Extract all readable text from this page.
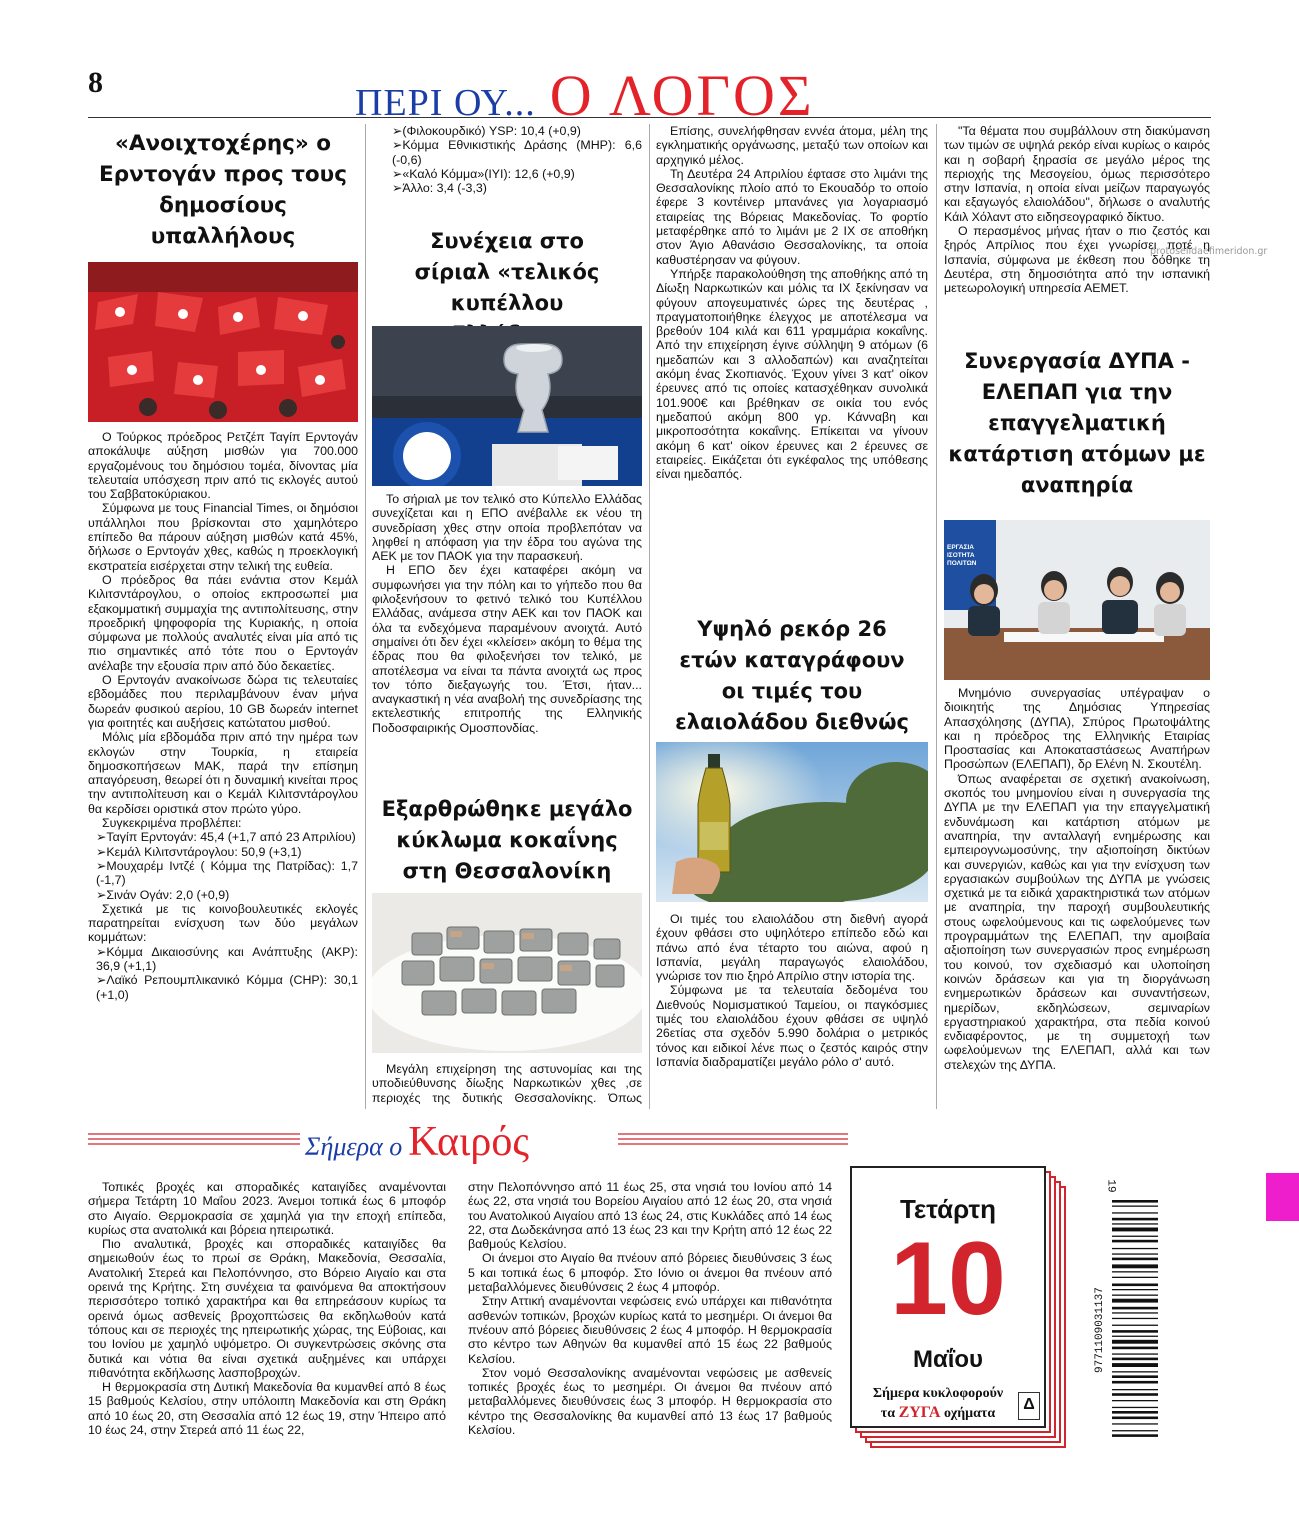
8	ΠΕΡΙ ΟΥ... Ο ΛΟΓΟΣ
protoselidaefimeridon.gr
«Ανοιχτοχέρης» ο Ερντογάν προς τους δημοσίους υπαλλήλους

Ο Τούρκος πρόεδρος Ρετζέπ Ταγίπ Ερντογάν αποκάλυψε αύξηση μισθών για 700.000 εργαζομένους του δημόσιου τομέα, δίνοντας μία τελευταία υπόσχεση πριν από τις εκλογές αυτού του Σαββατοκύριακου.

Σύμφωνα με τους Financial Times, οι δημόσιοι υπάλληλοι που βρίσκονται στο χαμηλότερο επίπεδο θα πάρουν αύξηση μισθών κατά 45%, δήλωσε ο Ερντογάν χθες, καθώς η προεκλογική εκστρατεία εισέρχεται στην τελική της ευθεία.

Ο πρόεδρος θα πάει ενάντια στον Κεμάλ Κιλιτσντάρογλου, ο οποίος εκπροσωπεί μια εξακομματική συμμαχία της αντιπολίτευσης, στην προεδρική ψηφοφορία της Κυριακής, η οποία σύμφωνα με πολλούς αναλυτές είναι μία από τις πιο σημαντικές από τότε που ο Ερντογάν ανέλαβε την εξουσία πριν από δύο δεκαετίες.

Ο Ερντογάν ανακοίνωσε δώρα τις τελευταίες εβδομάδες που περιλαμβάνουν έναν μήνα δωρεάν φυσικού αερίου, 10 GB δωρεάν internet για φοιτητές και αυξήσεις κατώτατου μισθού.

Μόλις μία εβδομάδα πριν από την ημέρα των εκλογών στην Τουρκία, η εταιρεία δημοσκοπήσεων ΜΑΚ, παρά την επίσημη απαγόρευση, θεωρεί ότι η δυναμική κινείται προς την αντιπολίτευση και ο Κεμάλ Κιλιτσντάρογλου θα κερδίσει οριστικά στον πρώτο γύρο.

Συγκεκριμένα προβλέπει:

➢Ταγίπ Ερντογάν: 45,4 (+1,7 από 23 Απριλίου)

➢Κεμάλ Κιλιτσντάρογλου: 50,9 (+3,1)

➢Μουχαρέμ Ιντζέ ( Κόμμα της Πατρίδας): 1,7 (-1,7)

➢Σινάν Ογάν: 2,0 (+0,9)

Σχετικά με τις κοινοβουλευτικές εκλογές παρατηρείται ενίσχυση των δύο μεγάλων κομμάτων:

➢Κόμμα Δικαιοσύνης και Ανάπτυξης (AKP): 36,9 (+1,1)

➢Λαϊκό Ρεπουμπλικανικό Κόμμα (CHP): 30,1 (+1,0)

➢(Φιλοκουρδικό) YSP: 10,4 (+0,9)

➢Κόμμα Εθνικιστικής Δράσης (MHP): 6,6 (-0,6)

➢«Καλό Κόμμα»(IYI): 12,6 (+0,9)

➢Άλλο: 3,4 (-3,3)

Συνέχεια στο σίριαλ «τελικός κυπέλλου

Το σήριαλ με τον τελικό στο Κύπελλο Ελλάδας συνεχίζεται και η ΕΠΟ ανέβαλλε εκ νέου τη συνεδρίαση χθες στην οποία προβλεπόταν να ληφθεί η απόφαση για την έδρα του αγώνα της ΑΕΚ με τον ΠΑΟΚ για την παρασκευή.

Η ΕΠΟ δεν έχει καταφέρει ακόμη να συμφωνήσει για την πόλη και το γήπεδο που θα φιλοξενήσουν το φετινό τελικό του Κυπέλλου Ελλάδας, ανάμεσα στην ΑΕΚ και τον ΠΑΟΚ και όλα τα ενδεχόμενα παραμένουν ανοιχτά. Αυτό σημαίνει ότι δεν έχει «κλείσει» ακόμη το θέμα της έδρας που θα φιλοξενήσει τον τελικό, με αποτέλεσμα να είναι τα πάντα ανοιχτά ως προς τον τόπο διεξαγωγής του. Έτσι, ήταν... αναγκαστική η νέα αναβολή της συνεδρίασης της εκτελεστικής επιτροπής της Ελληνικής Ποδοσφαιρικής Ομοσπονδίας.

Εξαρθρώθηκε μεγάλο κύκλωμα κοκαΐνης στη Θεσσαλονίκη

Μεγάλη επιχείρηση της αστυνομίας και της υποδιεύθυνσης δίωξης Ναρκωτικών χθες ,σε περιοχές της δυτικής Θεσσαλονίκης. Όπως

Επίσης, συνελήφθησαν εννέα άτομα, μέλη της εγκληματικής οργάνωσης, μεταξύ των οποίων και αρχηγικό μέλος.

Τη Δευτέρα 24 Απριλίου έφτασε στο λιμάνι της Θεσσαλονίκης πλοίο από το Εκουαδόρ το οποίο έφερε 3 κοντέινερ μπανάνες για λογαριασμό εταιρείας της Βόρειας Μακεδονίας. Το φορτίο μεταφέρθηκε από το λιμάνι με 2 ΙΧ σε αποθήκη στον Άγιο Αθανάσιο Θεσσαλονίκης, τα οποία καθυστέρησαν να φύγουν.

Υπήρξε παρακολούθηση της αποθήκης από τη Δίωξη Ναρκωτικών και μόλις τα ΙΧ ξεκίνησαν να φύγουν απογευματινές ώρες της δευτέρας , πραγματοποιήθηκε έλεγχος με αποτέλεσμα να βρεθούν 104 κιλά και 611 γραμμάρια κοκαΐνης. Από την επιχείρηση έγινε σύλληψη 9 ατόμων (6 ημεδαπών και 3 αλλοδαπών) και αναζητείται ακόμη ένας Σκοπιανός. Έχουν γίνει 3 κατ' οίκον έρευνες από τις οποίες κατασχέθηκαν συνολικά 101.900€ και βρέθηκαν σε οικία του ενός ημεδαπού ακόμη 800 γρ. Κάνναβη και μικροποσότητα κοκαΐνης. Επίκειται να γίνουν ακόμη 6 κατ' οίκον έρευνες και 2 έρευνες σε εταιρείες. Εικάζεται ότι εγκέφαλος της υπόθεσης είναι ημεδαπός.

Υψηλό ρεκόρ 26 ετών καταγράφουν οι τιμές του ελαιολάδου διεθνώς

Οι τιμές του ελαιολάδου στη διεθνή αγορά έχουν φθάσει στο υψηλότερο επίπεδο εδώ και πάνω από ένα τέταρτο του αιώνα, αφού η Ισπανία, μεγάλη παραγωγός ελαιολάδου, γνώρισε τον πιο ξηρό Απρίλιο στην ιστορία της.

Σύμφωνα με τα τελευταία δεδομένα του Διεθνούς Νομισματικού Ταμείου, οι παγκόσμιες τιμές του ελαιολάδου έχουν φθάσει σε υψηλό 26ετίας στα σχεδόν 5.990 δολάρια ο μετρικός τόνος και ειδικοί λένε πως ο ζεστός καιρός στην Ισπανία διαδραματίζει μεγάλο ρόλο σ' αυτό.

"Τα θέματα που συμβάλλουν στη διακύμανση των τιμών σε υψηλά ρεκόρ είναι κυρίως ο καιρός και η σοβαρή ξηρασία σε μεγάλο μέρος της περιοχής της Μεσογείου, όμως περισσότερο στην Ισπανία, η οποία είναι μείζων παραγωγός και εξαγωγός ελαιολάδου", δήλωσε ο αναλυτής Κάιλ Χόλαντ στο ειδησεογραφικό δίκτυο.

Ο περασμένος μήνας ήταν ο πιο ζεστός και ξηρός Απρίλιος που έχει γνωρίσει ποτέ η Ισπανία, σύμφωνα με έκθεση που δόθηκε τη Δευτέρα, στη δημοσιότητα από την ισπανική μετεωρολογική υπηρεσία ΑΕΜΕΤ.

Συνεργασία ΔΥΠΑ - ΕΛΕΠΑΠ για την επαγγελματική κατάρτιση ατόμων με αναπηρία
ΕΡΓΑΣΙΑ ΙΣΟΤΗΤΑ ΠΟΛΙΤΩΝ

Μνημόνιο συνεργασίας υπέγραψαν ο διοικητής της Δημόσιας Υπηρεσίας Απασχόλησης (ΔΥΠΑ), Σπύρος Πρωτοψάλτης και η πρόεδρος της Ελληνικής Εταιρίας Προστασίας και Αποκαταστάσεως Αναπήρων Προσώπων (ΕΛΕΠΑΠ), δρ Ελένη Ν. Σκουτέλη.

Όπως αναφέρεται σε σχετική ανακοίνωση, σκοπός του μνημονίου είναι η συνεργασία της ΔΥΠΑ με την ΕΛΕΠΑΠ για την επαγγελματική ενδυνάμωση και κατάρτιση ατόμων με αναπηρία, την ανταλλαγή ενημέρωσης και εμπειρογνωμοσύνης, την αξιοποίηση δικτύων και συνεργιών, καθώς και για την ενίσχυση των εργασιακών συμβούλων της ΔΥΠΑ με γνώσεις σχετικά με τα ειδικά χαρακτηριστικά των ατόμων με αναπηρία, την παροχή συμβουλευτικής στους ωφελούμενους και τις ωφελούμενες των προγραμμάτων της ΕΛΕΠΑΠ, την αμοιβαία αξιοποίηση των συνεργασιών προς ενημέρωση του κοινού, τον σχεδιασμό και υλοποίηση κοινών δράσεων και για τη διοργάνωση ενημερωτικών δράσεων και συναντήσεων, ημερίδων, εκδηλώσεων, σεμιναρίων εργαστηριακού χαρακτήρα, στα πεδία κοινού ενδιαφέροντος, με τη συμμετοχή των ωφελούμενων της ΕΛΕΠΑΠ, αλλά και των στελεχών της ΔΥΠΑ.

Σήμερα ο Καιρός

Τοπικές βροχές και σποραδικές καταιγίδες αναμένονται σήμερα Τετάρτη 10 Μαΐου 2023. Άνεμοι τοπικά έως 6 μποφόρ στο Αιγαίο. Θερμοκρασία σε χαμηλά για την εποχή επίπεδα, κυρίως στα ανατολικά και βόρεια ηπειρωτικά.

Πιο αναλυτικά, βροχές και σποραδικές καταιγίδες θα σημειωθούν έως το πρωί σε Θράκη, Μακεδονία, Θεσσαλία, Ανατολική Στερεά και Πελοπόννησο, στο Βόρειο Αιγαίο και στα ορεινά της Κρήτης. Στη συνέχεια τα φαινόμενα θα αποκτήσουν περισσότερο τοπικό χαρακτήρα και θα επηρεάσουν κυρίως τα ορεινά όμως ασθενείς βροχοπτώσεις θα εκδηλωθούν κατά τόπους και σε περιοχές της ηπειρωτικής χώρας, της Εύβοιας, και του Ιονίου με χαμηλό υψόμετρο. Οι συγκεντρώσεις σκόνης στα δυτικά και νότια θα είναι σχετικά αυξημένες και υπάρχει πιθανότητα εκδήλωσης λασποβροχών.

Η θερμοκρασία στη Δυτική Μακεδονία θα κυμανθεί από 8 έως 15 βαθμούς Κελσίου, στην υπόλοιπη Μακεδονία και στη Θράκη από 10 έως 20, στη Θεσσαλία από 12 έως 19, στην Ήπειρο από 10 έως 24, στην Στερεά από 11 έως 22,

στην Πελοπόννησο από 11 έως 25, στα νησιά του Ιονίου από 14 έως 22, στα νησιά του Βορείου Αιγαίου από 12 έως 20, στα νησιά του Ανατολικού Αιγαίου από 13 έως 24, στις Κυκλάδες από 14 έως 22, στα Δωδεκάνησα από 13 έως 23 και την Κρήτη από 12 έως 22 βαθμούς Κελσίου.

Οι άνεμοι στο Αιγαίο θα πνέουν από βόρειες διευθύνσεις 3 έως 5 και τοπικά έως 6 μποφόρ. Στο Ιόνιο οι άνεμοι θα πνέουν από μεταβαλλόμενες διευθύνσεις 2 έως 4 μποφόρ.

Στην Αττική αναμένονται νεφώσεις ενώ υπάρχει και πιθανότητα ασθενών τοπικών, βροχών κυρίως κατά το μεσημέρι. Οι άνεμοι θα πνέουν από βόρειες διευθύνσεις 2 έως 4 μποφόρ. Η θερμοκρασία στο κέντρο των Αθηνών θα κυμανθεί από 15 έως 22 βαθμούς Κελσίου.

Στον νομό Θεσσαλονίκης αναμένονται νεφώσεις με ασθενείς τοπικές βροχές έως το μεσημέρι. Οι άνεμοι θα πνέουν από μεταβαλλόμενες διευθύνσεις έως 3 μποφόρ. Η θερμοκρασία στο κέντρο της Θεσσαλονίκης θα κυμανθεί από 13 έως 17 βαθμούς Κελσίου.

Τετάρτη
10
Μαΐου
Σήμερα κυκλοφορούν
τα ΖΥΓΑ οχήματα
Δ
9771109031137
19
